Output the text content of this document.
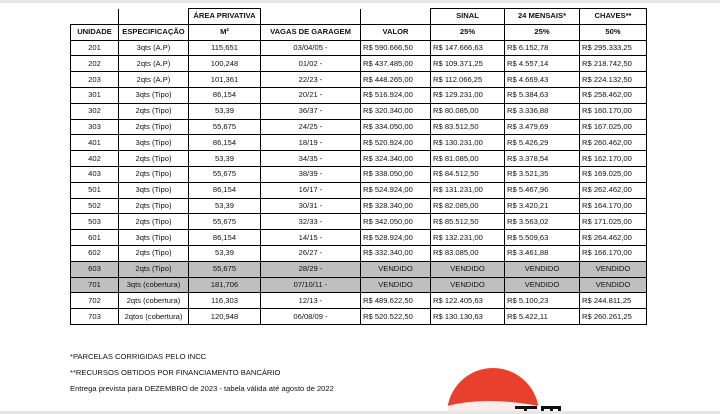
		ÁREA PRIVATIVA			SINAL	24 MENSAIS*	CHAVES**
UNIDADE	ESPECIFICAÇÃO	M²	VAGAS DE GARAGEM	VALOR	25%	25%	50%
201	3qts (A.P)	115,651	03/04/05 -	R$ 590.666,50	R$ 147.666,63	R$ 6.152,78	R$ 295.333,25
202	2qts (A.P)	100,248	01/02 -	R$ 437.485,00	R$ 109.371,25	R$ 4.557,14	R$ 218.742,50
203	2qts (A.P)	101,361	22/23 -	R$ 448.265,00	R$ 112.066,25	R$ 4.669,43	R$ 224.132,50
301	3qts (Tipo)	86,154	20/21 -	R$ 516.924,00	R$ 129.231,00	R$ 5.384,63	R$ 258.462,00
302	2qts (Tipo)	53,39	36/37 -	R$ 320.340,00	R$ 80.085,00	R$ 3.336,88	R$ 160.170,00
303	2qts (Tipo)	55,675	24/25 -	R$ 334.050,00	R$ 83.512,50	R$ 3.479,69	R$ 167.025,00
401	3qts (Tipo)	86,154	18/19 -	R$ 520.924,00	R$ 130.231,00	R$ 5.426,29	R$ 260.462,00
402	2qts (Tipo)	53,39	34/35 -	R$ 324.340,00	R$ 81.085,00	R$ 3.378,54	R$ 162.170,00
403	2qts (Tipo)	55,675	38/39 -	R$ 338.050,00	R$ 84.512,50	R$ 3.521,35	R$ 169.025,00
501	3qts (Tipo)	86,154	16/17 -	R$ 524.924,00	R$ 131.231,00	R$ 5.467,96	R$ 262.462,00
502	2qts (Tipo)	53,39	30/31 -	R$ 328.340,00	R$ 82.085,00	R$ 3.420,21	R$ 164.170,00
503	2qts (Tipo)	55,675	32/33 -	R$ 342.050,00	R$ 85.512,50	R$ 3.563,02	R$ 171.025,00
601	3qts (Tipo)	86,154	14/15 -	R$ 528.924,00	R$ 132.231,00	R$ 5.509,63	R$ 264.462,00
602	2qts (Tipo)	53,39	26/27 -	R$ 332.340,00	R$ 83.085,00	R$ 3.461,88	R$ 166.170,00
603	2qts (Tipo)	55,675	28/29 -	VENDIDO	VENDIDO	VENDIDO	VENDIDO
701	3qts (cobertura)	181,706	07/10/11 -	VENDIDO	VENDIDO	VENDIDO	VENDIDO
702	2qts (cobertura)	116,303	12/13 -	R$ 489.622,50	R$ 122.405,63	R$ 5.100,23	R$ 244.811,25
703	2qtos (cobertura)	120,948	06/08/09 -	R$ 520.522,50	R$ 130.130,63	R$ 5.422,11	R$ 260.261,25
*PARCELAS CORRIGIDAS PELO INCC
**RECURSOS OBTIDOS POR FINANCIAMENTO BANCÁRIO
Entrega prevista para DEZEMBRO de 2023 - tabela válida até agosto de 2022
